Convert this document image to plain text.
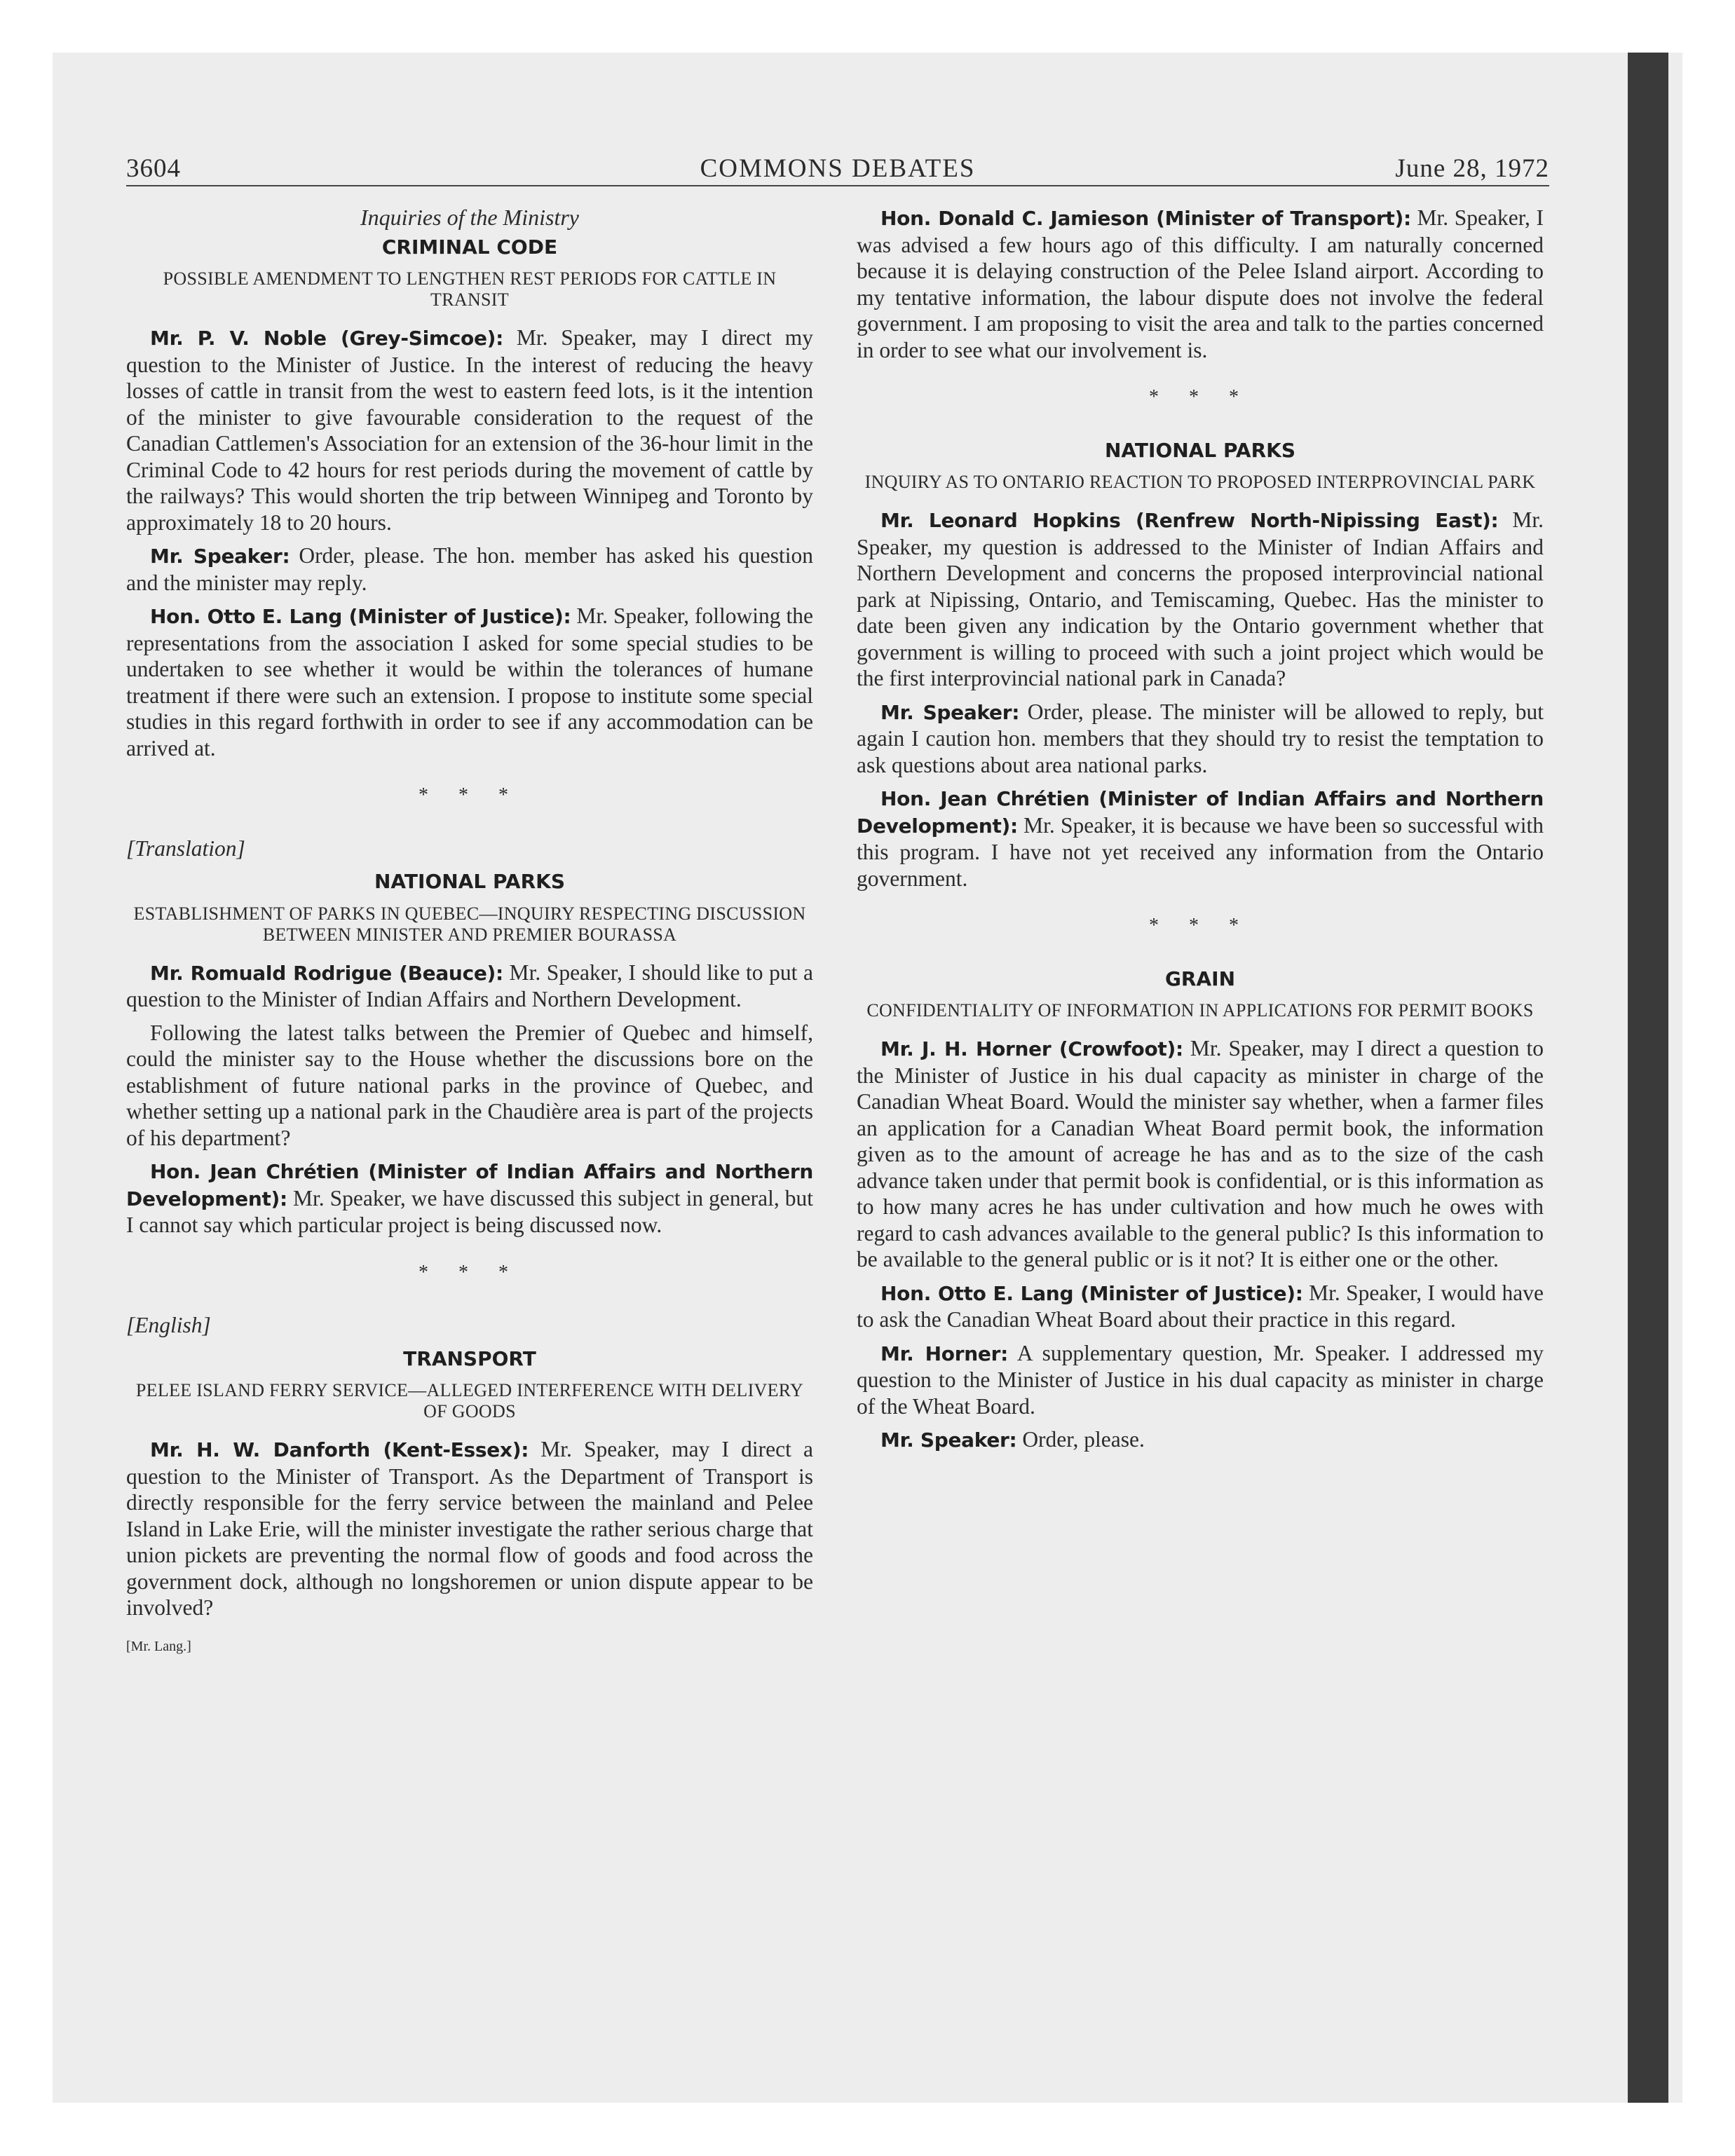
3604	COMMONS DEBATES	June 28, 1972
Inquiries of the Ministry
CRIMINAL CODE
POSSIBLE AMENDMENT TO LENGTHEN REST PERIODS FOR CATTLE IN TRANSIT

Mr. P. V. Noble (Grey-Simcoe): Mr. Speaker, may I direct my question to the Minister of Justice. In the interest of reducing the heavy losses of cattle in transit from the west to eastern feed lots, is it the intention of the minister to give favourable consideration to the request of the Canadian Cattlemen's Association for an extension of the 36-hour limit in the Criminal Code to 42 hours for rest periods during the movement of cattle by the railways? This would shorten the trip between Winnipeg and Toronto by approximately 18 to 20 hours.

Mr. Speaker: Order, please. The hon. member has asked his question and the minister may reply.

Hon. Otto E. Lang (Minister of Justice): Mr. Speaker, following the representations from the association I asked for some special studies to be undertaken to see whether it would be within the tolerances of humane treatment if there were such an extension. I propose to institute some special studies in this regard forthwith in order to see if any accommodation can be arrived at.

* * *

[Translation]

NATIONAL PARKS
ESTABLISHMENT OF PARKS IN QUEBEC—INQUIRY RESPECTING DISCUSSION BETWEEN MINISTER AND PREMIER BOURASSA

Mr. Romuald Rodrigue (Beauce): Mr. Speaker, I should like to put a question to the Minister of Indian Affairs and Northern Development.

Following the latest talks between the Premier of Quebec and himself, could the minister say to the House whether the discussions bore on the establishment of future national parks in the province of Quebec, and whether setting up a national park in the Chaudière area is part of the projects of his department?

Hon. Jean Chrétien (Minister of Indian Affairs and Northern Development): Mr. Speaker, we have discussed this subject in general, but I cannot say which particular project is being discussed now.

* * *

[English]

TRANSPORT
PELEE ISLAND FERRY SERVICE—ALLEGED INTERFERENCE WITH DELIVERY OF GOODS

Mr. H. W. Danforth (Kent-Essex): Mr. Speaker, may I direct a question to the Minister of Transport. As the Department of Transport is directly responsible for the ferry service between the mainland and Pelee Island in Lake Erie, will the minister investigate the rather serious charge that union pickets are preventing the normal flow of goods and food across the government dock, although no longshoremen or union dispute appear to be involved?

[Mr. Lang.]

Hon. Donald C. Jamieson (Minister of Transport): Mr. Speaker, I was advised a few hours ago of this difficulty. I am naturally concerned because it is delaying construction of the Pelee Island airport. According to my tentative information, the labour dispute does not involve the federal government. I am proposing to visit the area and talk to the parties concerned in order to see what our involvement is.

* * *
NATIONAL PARKS
INQUIRY AS TO ONTARIO REACTION TO PROPOSED INTERPROVINCIAL PARK

Mr. Leonard Hopkins (Renfrew North-Nipissing East): Mr. Speaker, my question is addressed to the Minister of Indian Affairs and Northern Development and concerns the proposed interprovincial national park at Nipissing, Ontario, and Temiscaming, Quebec. Has the minister to date been given any indication by the Ontario government whether that government is willing to proceed with such a joint project which would be the first interprovincial national park in Canada?

Mr. Speaker: Order, please. The minister will be allowed to reply, but again I caution hon. members that they should try to resist the temptation to ask questions about area national parks.

Hon. Jean Chrétien (Minister of Indian Affairs and Northern Development): Mr. Speaker, it is because we have been so successful with this program. I have not yet received any information from the Ontario government.

* * *
GRAIN
CONFIDENTIALITY OF INFORMATION IN APPLICATIONS FOR PERMIT BOOKS

Mr. J. H. Horner (Crowfoot): Mr. Speaker, may I direct a question to the Minister of Justice in his dual capacity as minister in charge of the Canadian Wheat Board. Would the minister say whether, when a farmer files an application for a Canadian Wheat Board permit book, the information given as to the amount of acreage he has and as to the size of the cash advance taken under that permit book is confidential, or is this information as to how many acres he has under cultivation and how much he owes with regard to cash advances available to the general public? Is this information to be available to the general public or is it not? It is either one or the other.

Hon. Otto E. Lang (Minister of Justice): Mr. Speaker, I would have to ask the Canadian Wheat Board about their practice in this regard.

Mr. Horner: A supplementary question, Mr. Speaker. I addressed my question to the Minister of Justice in his dual capacity as minister in charge of the Wheat Board.

Mr. Speaker: Order, please.
